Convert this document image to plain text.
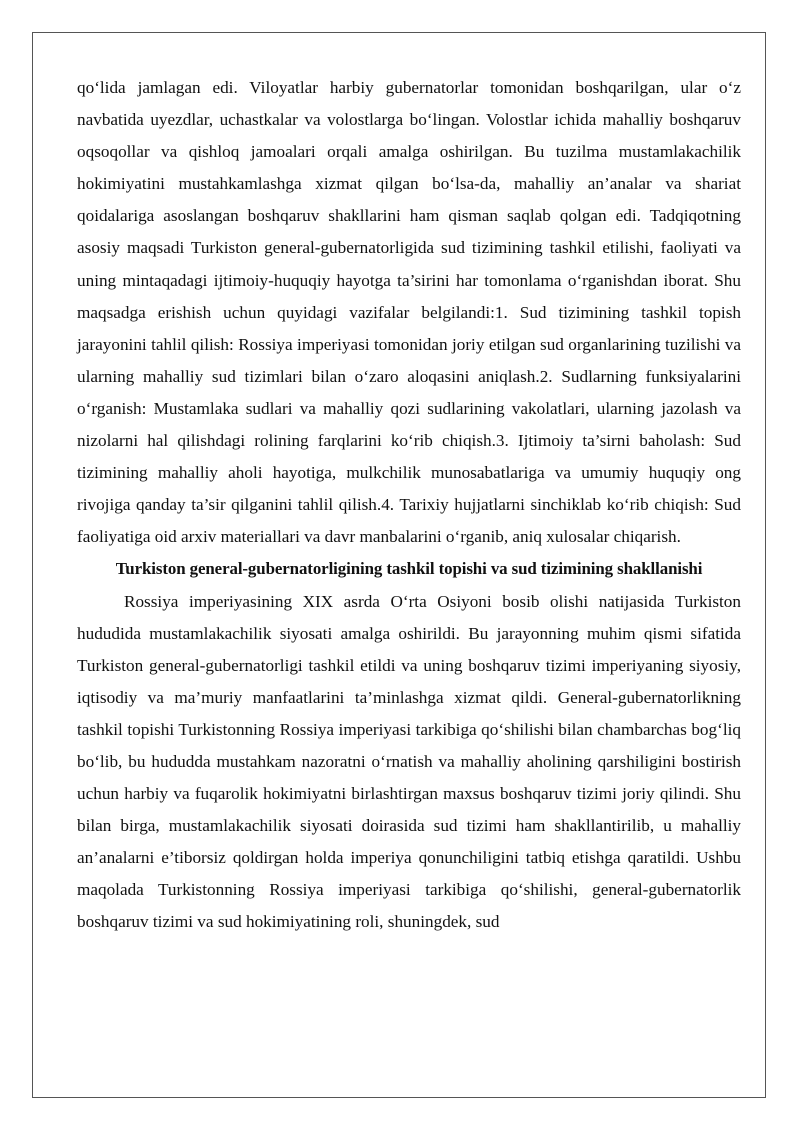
qo‘lida jamlagan edi. Viloyatlar harbiy gubernatorlar tomonidan boshqarilgan, ular o‘z navbatida uyezdlar, uchastkalar va volostlarga bo‘lingan. Volostlar ichida mahalliy boshqaruv oqsoqollar va qishloq jamoalari orqali amalga oshirilgan. Bu tuzilma mustamlakachilik hokimiyatini mustahkamlashga xizmat qilgan bo‘lsa-da, mahalliy an’analar va shariat qoidalariga asoslangan boshqaruv shakllarini ham qisman saqlab qolgan edi. Tadqiqotning asosiy maqsadi Turkiston general-gubernatorligida sud tizimining tashkil etilishi, faoliyati va uning mintaqadagi ijtimoiy-huquqiy hayotga ta’sirini har tomonlama o‘rganishdan iborat. Shu maqsadga erishish uchun quyidagi vazifalar belgilandi:1. Sud tizimining tashkil topish jarayonini tahlil qilish: Rossiya imperiyasi tomonidan joriy etilgan sud organlarining tuzilishi va ularning mahalliy sud tizimlari bilan o‘zaro aloqasini aniqlash.2. Sudlarning funksiyalarini o‘rganish: Mustamlaka sudlari va mahalliy qozi sudlarining vakolatlari, ularning jazolash va nizolarni hal qilishdagi rolining farqlarini ko‘rib chiqish.3. Ijtimoiy ta’sirni baholash: Sud tizimining mahalliy aholi hayotiga, mulkchilik munosabatlariga va umumiy huquqiy ong rivojiga qanday ta’sir qilganini tahlil qilish.4. Tarixiy hujjatlarni sinchiklab ko‘rib chiqish: Sud faoliyatiga oid arxiv materiallari va davr manbalarini o‘rganib, aniq xulosalar chiqarish.

Turkiston general-gubernatorligining tashkil topishi va sud tizimining shakllanishi

Rossiya imperiyasining XIX asrda O‘rta Osiyoni bosib olishi natijasida Turkiston hududida mustamlakachilik siyosati amalga oshirildi. Bu jarayonning muhim qismi sifatida Turkiston general-gubernatorligi tashkil etildi va uning boshqaruv tizimi imperiyaning siyosiy, iqtisodiy va ma’muriy manfaatlarini ta’minlashga xizmat qildi. General-gubernatorlikning tashkil topishi Turkistonning Rossiya imperiyasi tarkibiga qo‘shilishi bilan chambarchas bog‘liq bo‘lib, bu hududda mustahkam nazoratni o‘rnatish va mahalliy aholining qarshiligini bostirish uchun harbiy va fuqarolik hokimiyatni birlashtirgan maxsus boshqaruv tizimi joriy qilindi. Shu bilan birga, mustamlakachilik siyosati doirasida sud tizimi ham shakllantirilib, u mahalliy an’analarni e’tiborsiz qoldirgan holda imperiya qonunchiligini tatbiq etishga qaratildi. Ushbu maqolada Turkistonning Rossiya imperiyasi tarkibiga qo‘shilishi, general-gubernatorlik boshqaruv tizimi va sud hokimiyatining roli, shuningdek, sud
